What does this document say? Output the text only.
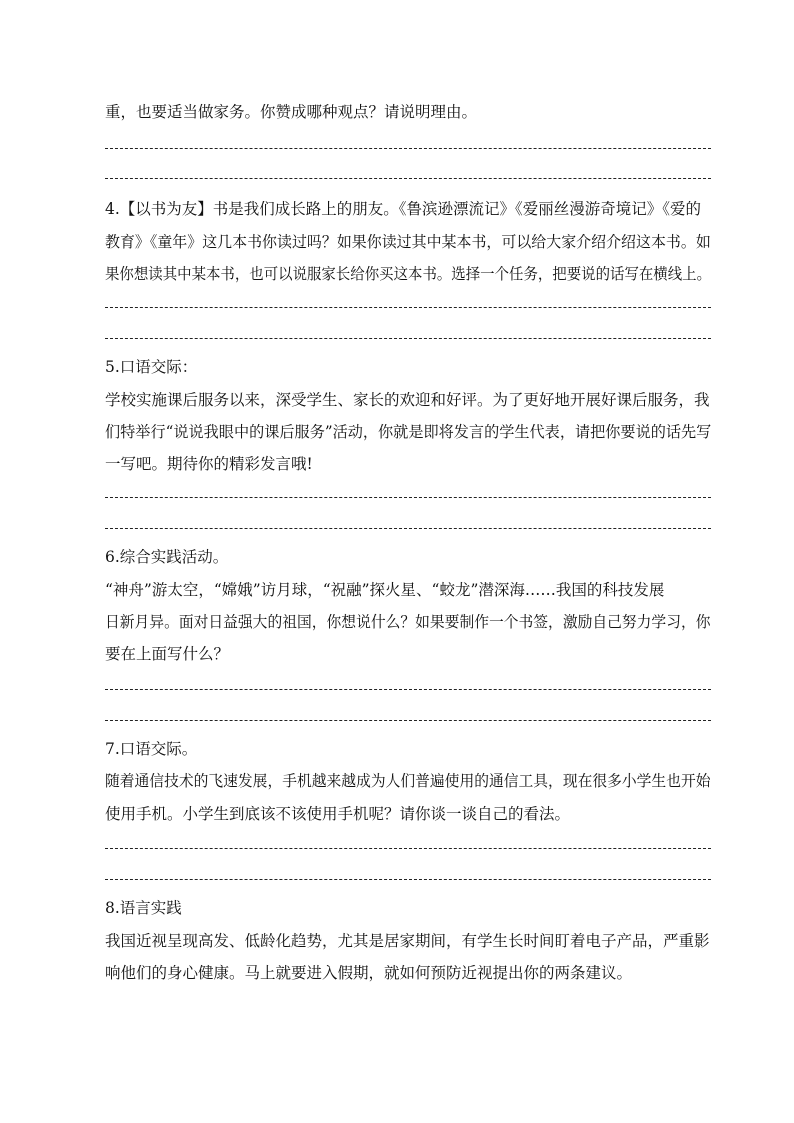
重，也要适当做家务。你赞成哪种观点？请说明理由。
4.【以书为友】书是我们成长路上的朋友。《鲁滨逊漂流记》《爱丽丝漫游奇境记》《爱的
教育》《童年》这几本书你读过吗？如果你读过其中某本书，可以给大家介绍介绍这本书。如
果你想读其中某本书，也可以说服家长给你买这本书。选择一个任务，把要说的话写在横线上。
5.口语交际：
学校实施课后服务以来，深受学生、家长的欢迎和好评。为了更好地开展好课后服务，我
们特举行“说说我眼中的课后服务”活动，你就是即将发言的学生代表，请把你要说的话先写
一写吧。期待你的精彩发言哦!
6.综合实践活动。
“神舟”游太空，“嫦娥”访月球，“祝融”探火星、“蛟龙”潜深海……我国的科技发展
日新月异。面对日益强大的祖国，你想说什么？如果要制作一个书签，激励自己努力学习，你
要在上面写什么？
7.口语交际。
随着通信技术的飞速发展，手机越来越成为人们普遍使用的通信工具，现在很多小学生也开始
使用手机。小学生到底该不该使用手机呢？请你谈一谈自己的看法。
8.语言实践
我国近视呈现高发、低龄化趋势，尤其是居家期间，有学生长时间盯着电子产品，严重影
响他们的身心健康。马上就要进入假期，就如何预防近视提出你的两条建议。
